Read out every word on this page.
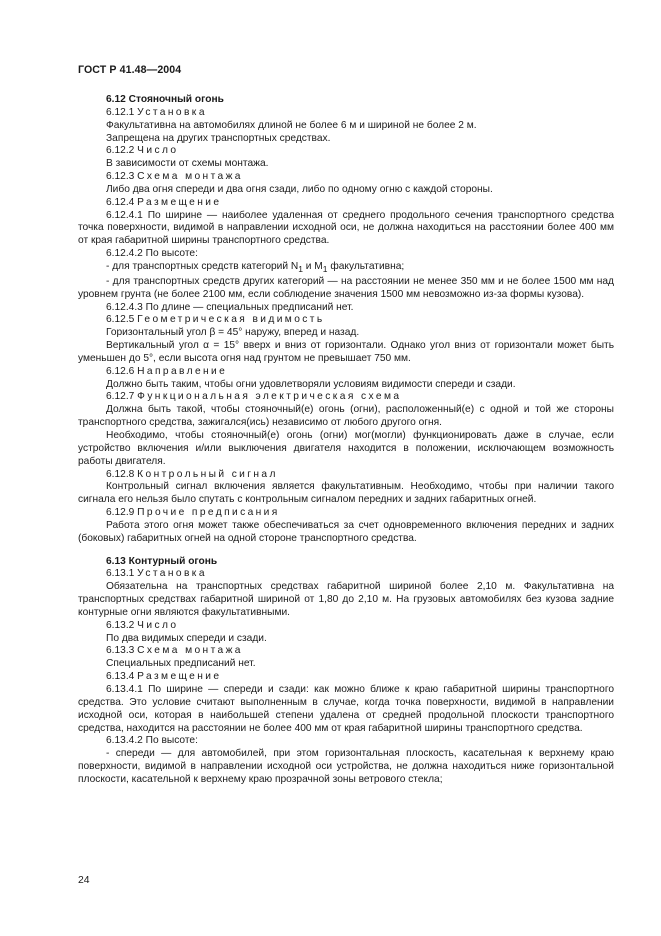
ГОСТ Р 41.48—2004

6.12 Стояночный огонь

6.12.1 Установка

Факультативна на автомобилях длиной не более 6 м и шириной не более 2 м.

Запрещена на других транспортных средствах.

6.12.2 Число

В зависимости от схемы монтажа.

6.12.3 Схема монтажа

Либо два огня спереди и два огня сзади, либо по одному огню с каждой стороны.

6.12.4 Размещение

6.12.4.1 По ширине — наиболее удаленная от среднего продольного сечения транспортного средства точка поверхности, видимой в направлении исходной оси, не должна находиться на расстоянии более 400 мм от края габаритной ширины транспортного средства.

6.12.4.2 По высоте:

- для транспортных средств категорий $N_1$ и $M_1$ факультативна;

- для транспортных средств других категорий — на расстоянии не менее 350 мм и не более 1500 мм над уровнем грунта (не более 2100 мм, если соблюдение значения 1500 мм невозможно из-за формы кузова).

6.12.4.3 По длине — специальных предписаний нет.

6.12.5 Геометрическая видимость

Горизонтальный угол β = 45° наружу, вперед и назад.

Вертикальный угол α = 15° вверх и вниз от горизонтали. Однако угол вниз от горизонтали может быть уменьшен до 5°, если высота огня над грунтом не превышает 750 мм.

6.12.6 Направление

Должно быть таким, чтобы огни удовлетворяли условиям видимости спереди и сзади.

6.12.7 Функциональная электрическая схема

Должна быть такой, чтобы стояночный(е) огонь (огни), расположенный(е) с одной и той же стороны транспортного средства, зажигался(ись) независимо от любого другого огня.

Необходимо, чтобы стояночный(е) огонь (огни) мог(могли) функционировать даже в случае, если устройство включения и/или выключения двигателя находится в положении, исключающем возможность работы двигателя.

6.12.8 Контрольный сигнал

Контрольный сигнал включения является факультативным. Необходимо, чтобы при наличии такого сигнала его нельзя было спутать с контрольным сигналом передних и задних габаритных огней.

6.12.9 Прочие предписания

Работа этого огня может также обеспечиваться за счет одновременного включения передних и задних (боковых) габаритных огней на одной стороне транспортного средства.

6.13 Контурный огонь

6.13.1 Установка

Обязательна на транспортных средствах габаритной шириной более 2,10 м. Факультативна на транспортных средствах габаритной шириной от 1,80 до 2,10 м. На грузовых автомобилях без кузова задние контурные огни являются факультативными.

6.13.2 Число

По два видимых спереди и сзади.

6.13.3 Схема монтажа

Специальных предписаний нет.

6.13.4 Размещение

6.13.4.1 По ширине — спереди и сзади: как можно ближе к краю габаритной ширины транспортного средства. Это условие считают выполненным в случае, когда точка поверхности, видимой в направлении исходной оси, которая в наибольшей степени удалена от средней продольной плоскости транспортного средства, находится на расстоянии не более 400 мм от края габаритной ширины транспортного средства.

6.13.4.2 По высоте:

- спереди — для автомобилей, при этом горизонтальная плоскость, касательная к верхнему краю поверхности, видимой в направлении исходной оси устройства, не должна находиться ниже горизонтальной плоскости, касательной к верхнему краю прозрачной зоны ветрового стекла;

24
